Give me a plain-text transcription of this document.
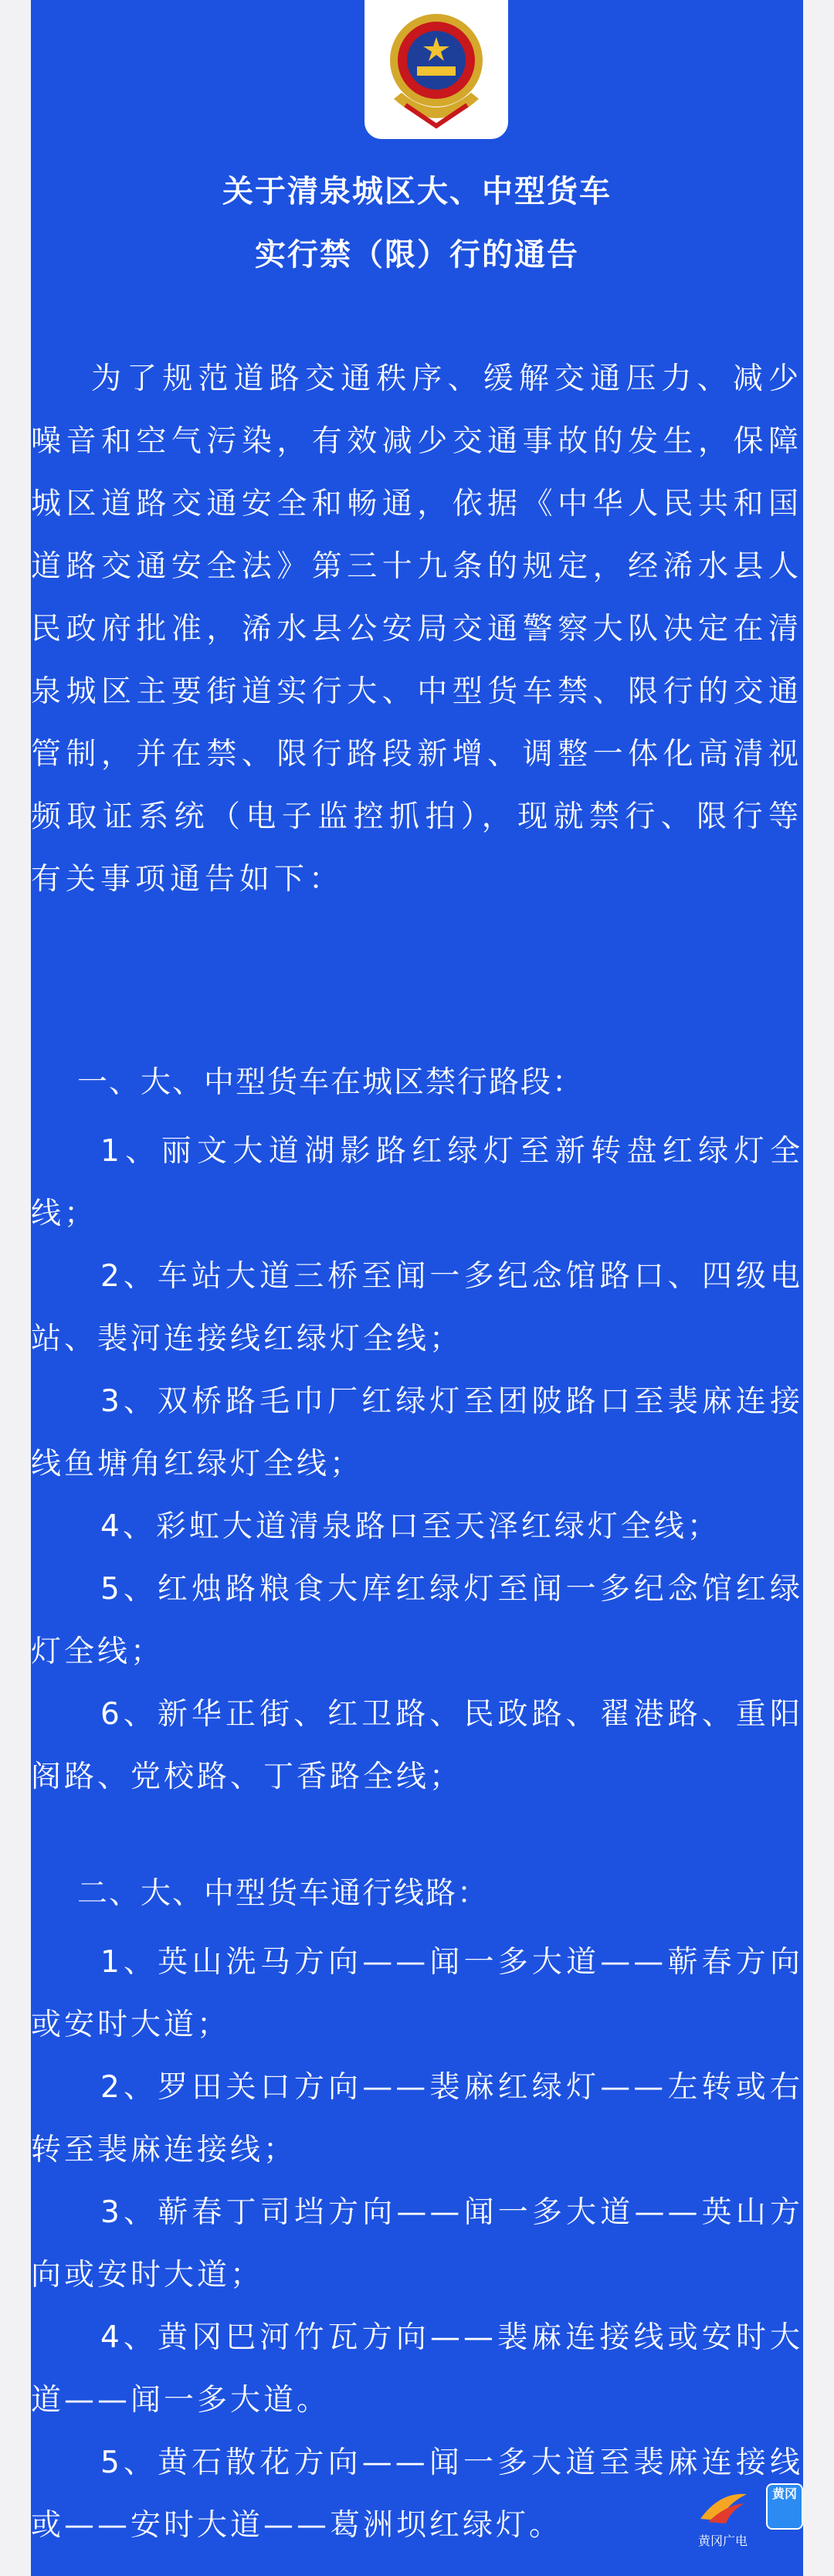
关于清泉城区大、中型货车
实行禁（限）行的通告
为了规范道路交通秩序、缓解交通压力、减少噪音和空气污染，有效减少交通事故的发生，保障城区道路交通安全和畅通，依据《中华人民共和国道路交通安全法》第三十九条的规定，经浠水县人民政府批准，浠水县公安局交通警察大队决定在清泉城区主要街道实行大、中型货车禁、限行的交通管制，并在禁、限行路段新增、调整一体化高清视频取证系统（电子监控抓拍），现就禁行、限行等有关事项通告如下：
一、大、中型货车在城区禁行路段：
1、丽文大道湖影路红绿灯至新转盘红绿灯全线；
2、车站大道三桥至闻一多纪念馆路口、四级电站、裴河连接线红绿灯全线；
3、双桥路毛巾厂红绿灯至团陂路口至裴麻连接线鱼塘角红绿灯全线；
4、彩虹大道清泉路口至天泽红绿灯全线；
5、红烛路粮食大库红绿灯至闻一多纪念馆红绿灯全线；
6、新华正街、红卫路、民政路、翟港路、重阳阁路、党校路、丁香路全线；
二、大、中型货车通行线路：
1、英山洗马方向——闻一多大道——蕲春方向或安时大道；
2、罗田关口方向——裴麻红绿灯——左转或右转至裴麻连接线；
3、蕲春丁司垱方向——闻一多大道——英山方向或安时大道；
4、黄冈巴河竹瓦方向——裴麻连接线或安时大道——闻一多大道。
5、黄石散花方向——闻一多大道至裴麻连接线或——安时大道——葛洲坝红绿灯。
黄冈
黄冈广电
